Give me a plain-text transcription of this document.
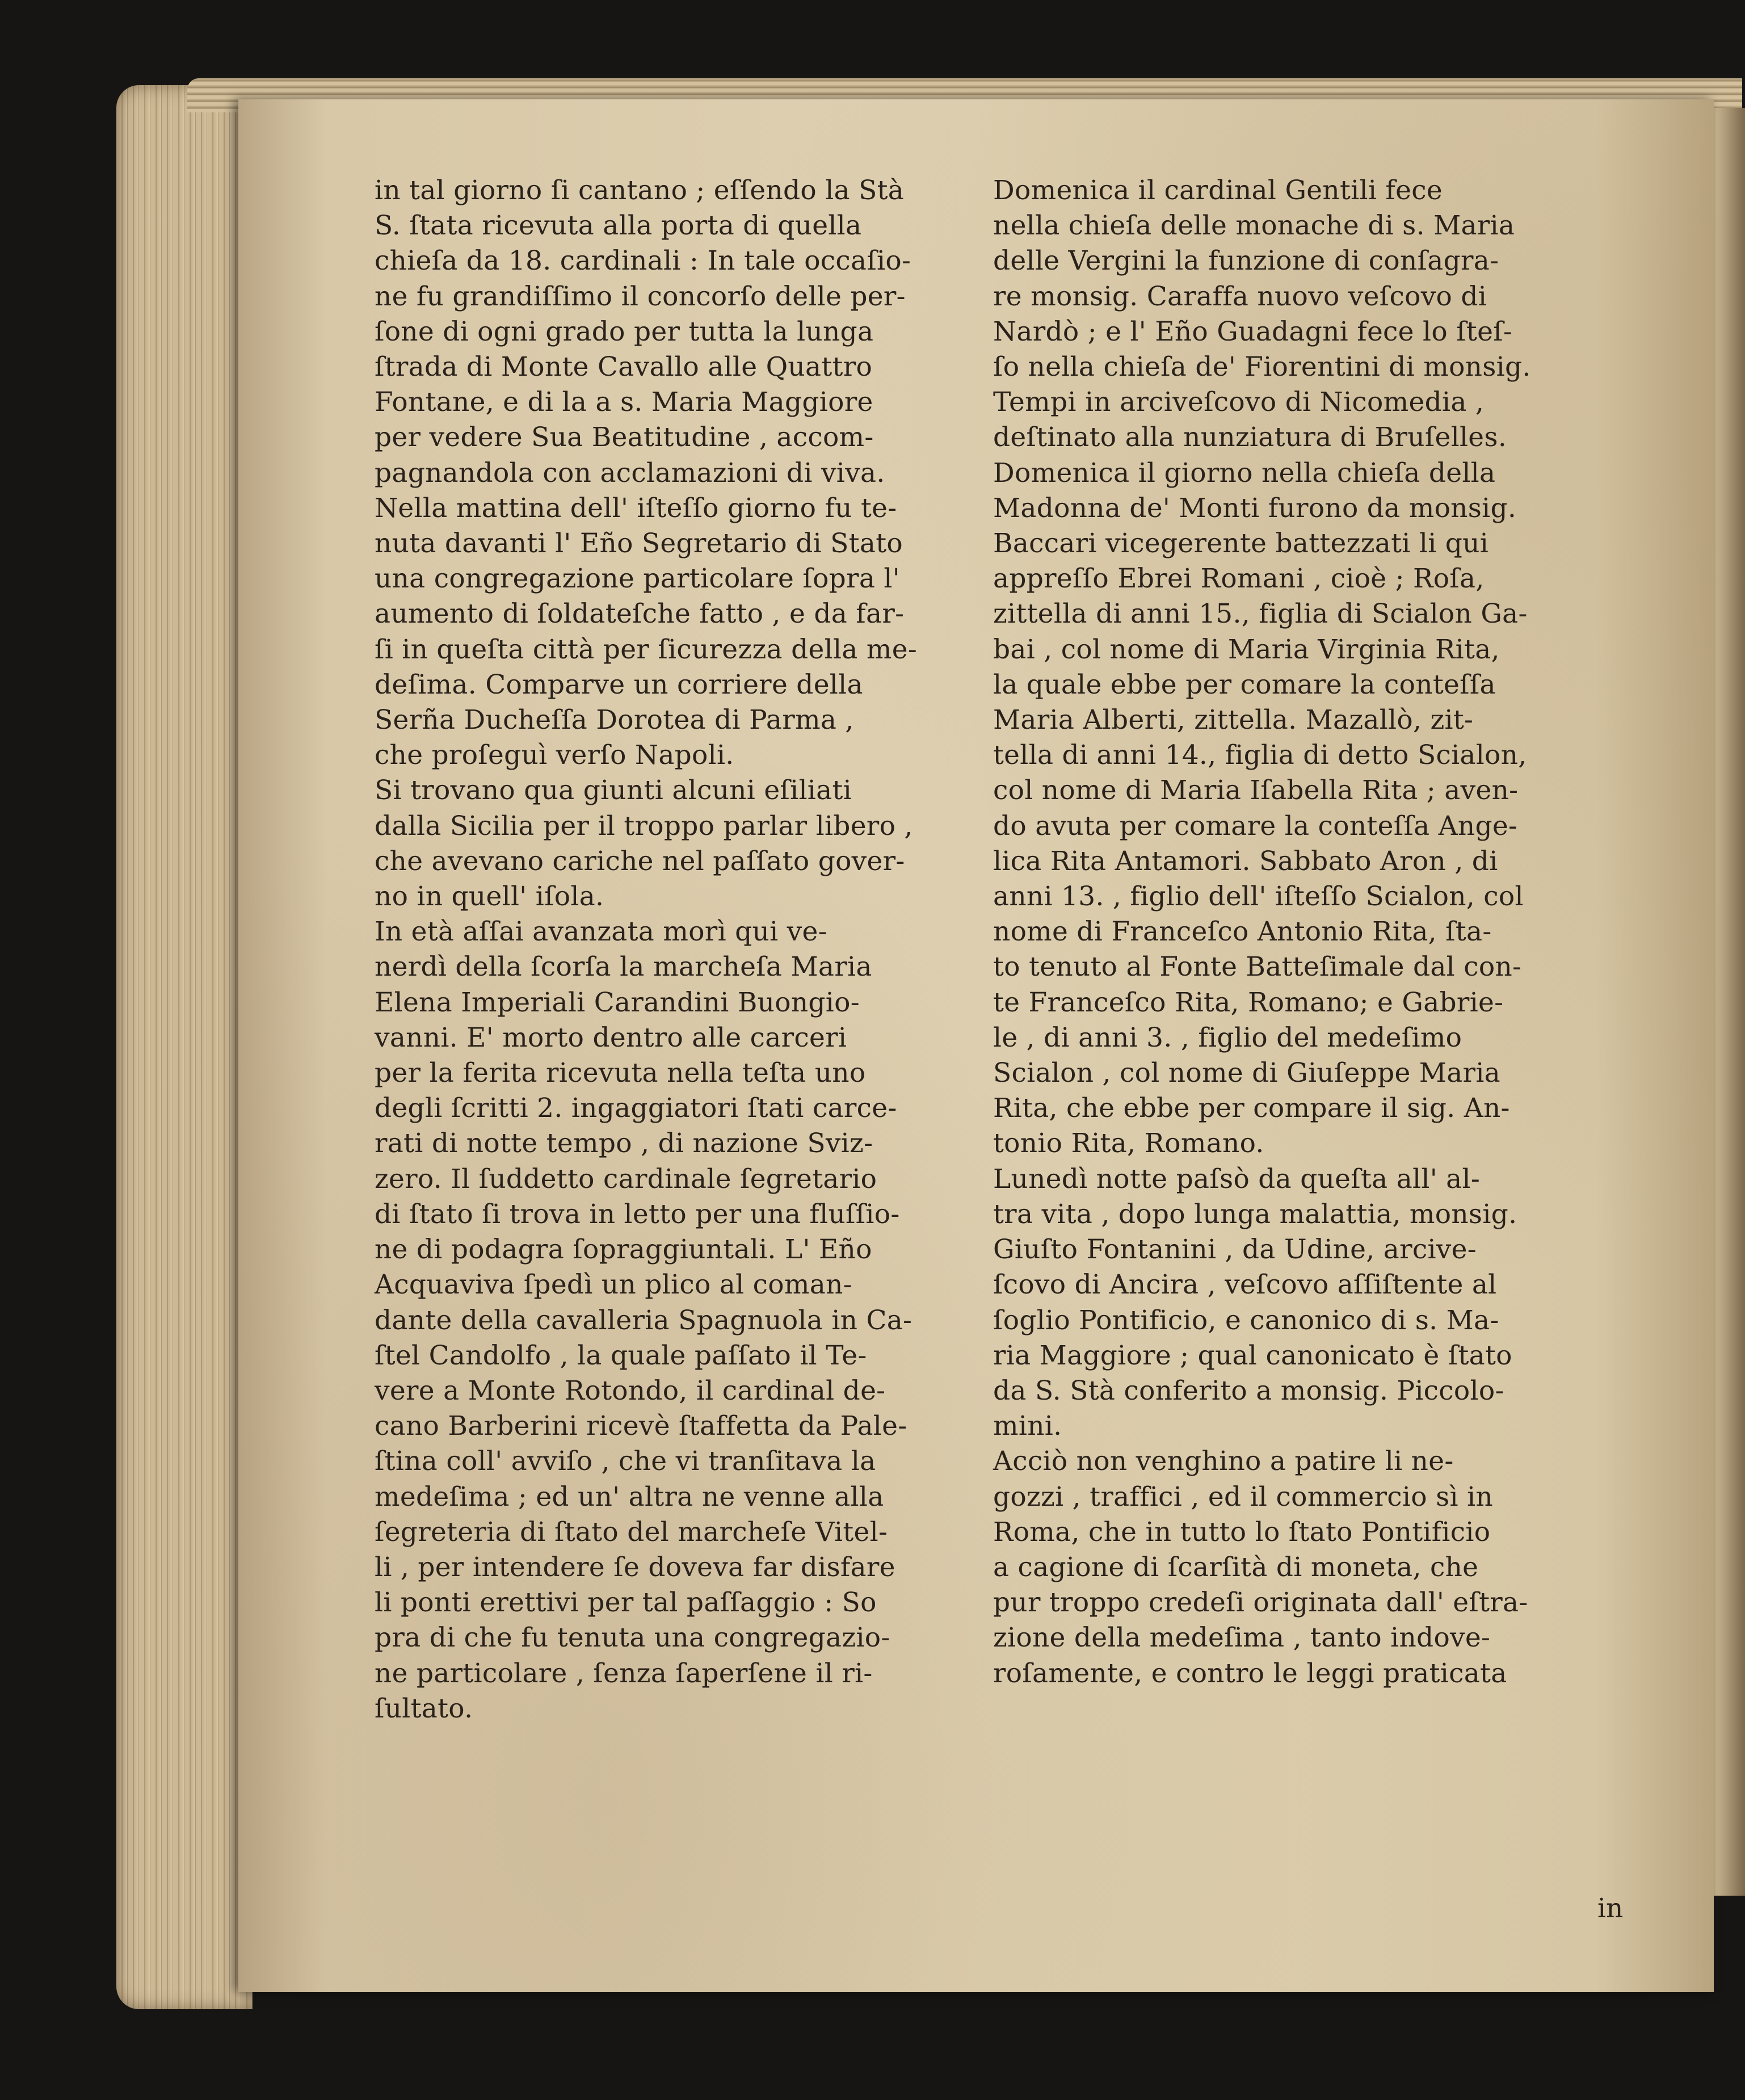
in tal giorno ſi cantano ; eſſendo la Stà
S. ſtata ricevuta alla porta di quella
chieſa da 18. cardinali : In tale occaſio-
ne fu grandiſſimo il concorſo delle per-
ſone di ogni grado per tutta la lunga
ſtrada di Monte Cavallo alle Quattro
Fontane, e di la a s. Maria Maggiore
per vedere Sua Beatitudine , accom-
pagnandola con acclamazioni di viva.
Nella mattina dell' iſteſſo giorno fu te-
nuta davanti l' Eño Segretario di Stato
una congregazione particolare ſopra l'
aumento di ſoldateſche fatto , e da far-
ſi in queſta città per ſicurezza della me-
deſima. Comparve un corriere della
Serña Ducheſſa Dorotea di Parma ,
che proſeguì verſo Napoli.
Si trovano qua giunti alcuni eſiliati
dalla Sicilia per il troppo parlar libero ,
che avevano cariche nel paſſato gover-
no in quell' iſola.
In età aſſai avanzata morì qui ve-
nerdì della ſcorſa la marcheſa Maria
Elena Imperiali Carandini Buongio-
vanni. E' morto dentro alle carceri
per la ferita ricevuta nella teſta uno
degli ſcritti 2. ingaggiatori ſtati carce-
rati di notte tempo , di nazione Sviz-
zero. Il ſuddetto cardinale ſegretario
di ſtato ſi trova in letto per una fluſſio-
ne di podagra ſopraggiuntali. L' Eño
Acquaviva ſpedì un plico al coman-
dante della cavalleria Spagnuola in Ca-
ſtel Candolfo , la quale paſſato il Te-
vere a Monte Rotondo, il cardinal de-
cano Barberini ricevè ſtaffetta da Pale-
ſtina coll' avviſo , che vi tranſitava la
medeſima ; ed un' altra ne venne alla
ſegreteria di ſtato del marcheſe Vitel-
li , per intendere ſe doveva far disfare
li ponti erettivi per tal paſſaggio : So
pra di che fu tenuta una congregazio-
ne particolare , ſenza ſaperſene il ri-
ſultato.
Domenica il cardinal Gentili fece
nella chieſa delle monache di s. Maria
delle Vergini la funzione di conſagra-
re monsig. Caraffa nuovo veſcovo di
Nardò ; e l' Eño Guadagni fece lo ſteſ-
ſo nella chieſa de' Fiorentini di monsig.
Tempi in arciveſcovo di Nicomedia ,
deſtinato alla nunziatura di Bruſelles.
Domenica il giorno nella chieſa della
Madonna de' Monti furono da monsig.
Baccari vicegerente battezzati li qui
appreſſo Ebrei Romani , cioè ; Roſa,
zittella di anni 15., figlia di Scialon Ga-
bai , col nome di Maria Virginia Rita,
la quale ebbe per comare la conteſſa
Maria Alberti, zittella. Mazallò, zit-
tella di anni 14., figlia di detto Scialon,
col nome di Maria Iſabella Rita ; aven-
do avuta per comare la conteſſa Ange-
lica Rita Antamori. Sabbato Aron , di
anni 13. , figlio dell' iſteſſo Scialon, col
nome di Franceſco Antonio Rita, ſta-
to tenuto al Fonte Batteſimale dal con-
te Franceſco Rita, Romano; e Gabrie-
le , di anni 3. , figlio del medeſimo
Scialon , col nome di Giuſeppe Maria
Rita, che ebbe per compare il sig. An-
tonio Rita, Romano.
Lunedì notte paſsò da queſta all' al-
tra vita , dopo lunga malattia, monsig.
Giuſto Fontanini , da Udine, arcive-
ſcovo di Ancira , veſcovo aſſiſtente al
ſoglio Pontificio, e canonico di s. Ma-
ria Maggiore ; qual canonicato è ſtato
da S. Stà conferito a monsig. Piccolo-
mini.
Acciò non venghino a patire li ne-
gozzi , traffici , ed il commercio sì in
Roma, che in tutto lo ſtato Pontificio
a cagione di ſcarſità di moneta, che
pur troppo credeſi originata dall' eſtra-
zione della medeſima , tanto indove-
roſamente, e contro le leggi praticata
in
